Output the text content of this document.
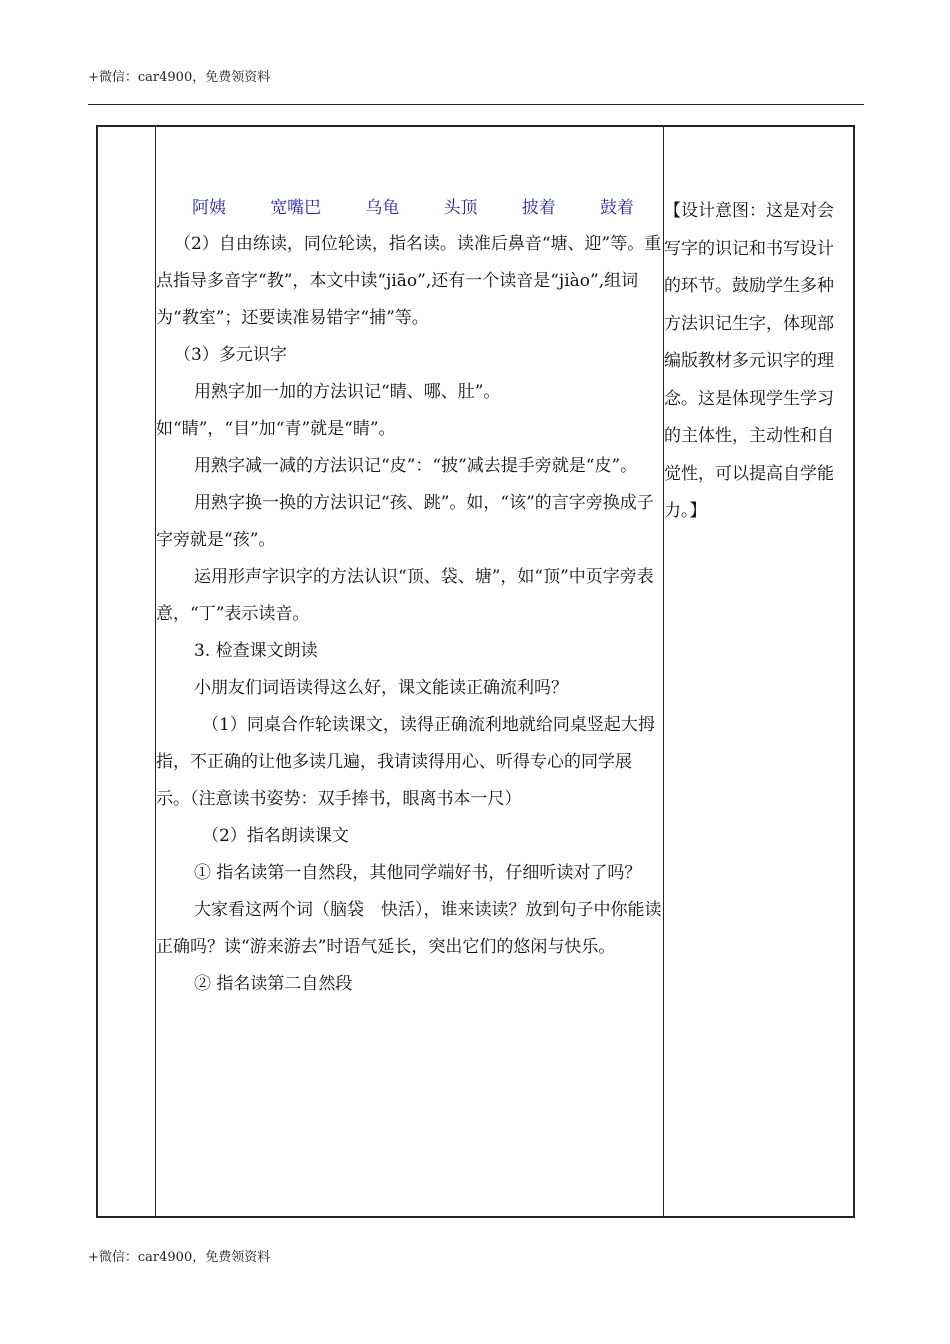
+微信：car4900，免费领资料
阿姨	宽嘴巴	乌龟	头顶	披着	鼓着

（2）自由练读，同位轮读，指名读。读准后鼻音“塘、迎”等。重点指导多音字“教”，本文中读“jiāo”,还有一个读音是“jiào”,组词为“教室”；还要读准易错字“捕”等。

（3）多元识字

用熟字加一加的方法识记“睛、哪、肚”。如“睛”，“目”加“青”就是“睛”。

用熟字减一减的方法识记“皮”：“披”减去提手旁就是“皮”。

用熟字换一换的方法识记“孩、跳”。如，“该”的言字旁换成子字旁就是“孩”。

运用形声字识字的方法认识“顶、袋、塘”，如“顶”中页字旁表意，“丁”表示读音。

3. 检查课文朗读

小朋友们词语读得这么好，课文能读正确流利吗？

（1）同桌合作轮读课文，读得正确流利地就给同桌竖起大拇指，不正确的让他多读几遍，我请读得用心、听得专心的同学展示。（注意读书姿势：双手捧书，眼离书本一尺）

（2）指名朗读课文

① 指名读第一自然段，其他同学端好书，仔细听读对了吗？

大家看这两个词（脑袋　快活），谁来读读？放到句子中你能读正确吗？读“游来游去”时语气延长，突出它们的悠闲与快乐。

② 指名读第二自然段

【设计意图：这是对会写字的识记和书写设计的环节。鼓励学生多种方法识记生字，体现部编版教材多元识字的理念。这是体现学生学习的主体性，主动性和自觉性，可以提高自学能力。】
+微信：car4900，免费领资料
